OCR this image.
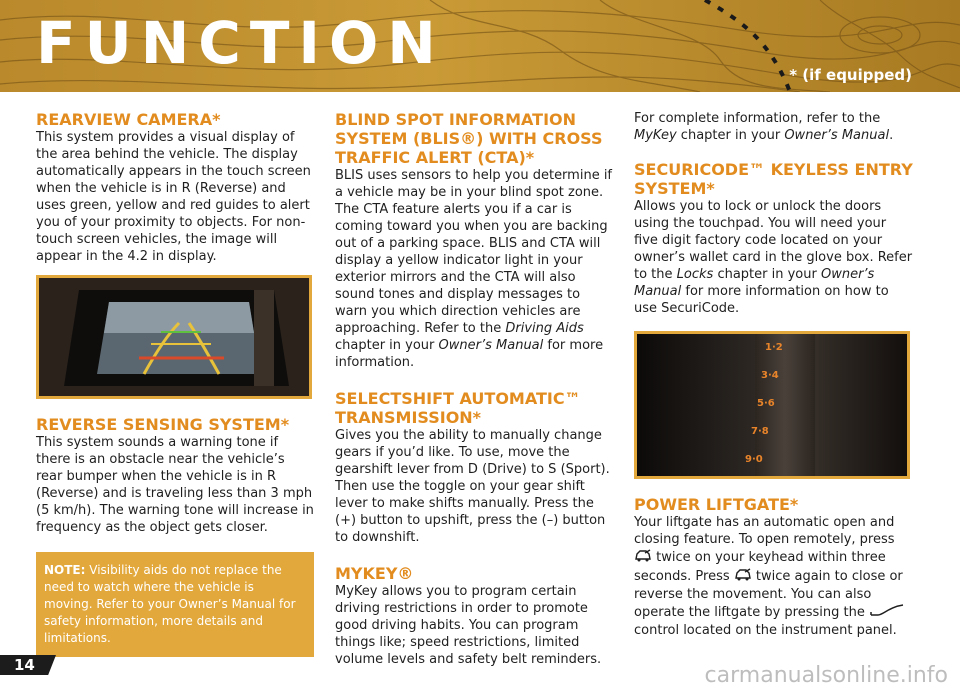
FUNCTION	* (if equipped)
REARVIEW CAMERA*

This system provides a visual display of the area behind the vehicle. The display automatically appears in the touch screen when the vehicle is in R (Reverse) and uses green, yellow and red guides to alert you of your proximity to objects. For non-touch screen vehicles, the image will appear in the 4.2 in display.

REVERSE SENSING SYSTEM*

This system sounds a warning tone if there is an obstacle near the vehicle’s rear bumper when the vehicle is in R (Reverse) and is traveling less than 3 mph (5 km/h). The warning tone will increase in frequency as the object gets closer.

NOTE: Visibility aids do not replace the need to watch where the vehicle is moving. Refer to your Owner’s Manual for safety information, more details and limitations.

BLIND SPOT INFORMATION SYSTEM (BLIS®) WITH CROSS TRAFFIC ALERT (CTA)*

BLIS uses sensors to help you determine if a vehicle may be in your blind spot zone. The CTA feature alerts you if a car is coming toward you when you are backing out of a parking space. BLIS and CTA will display a yellow indicator light in your exterior mirrors and the CTA will also sound tones and display messages to warn you which direction vehicles are approaching. Refer to the Driving Aids chapter in your Owner’s Manual for more information.

SELECTSHIFT AUTOMATIC™ TRANSMISSION*

Gives you the ability to manually change gears if you’d like. To use, move the gearshift lever from D (Drive) to S (Sport). Then use the toggle on your gear shift lever to make shifts manually. Press the (+) button to upshift, press the (–) button to downshift.

MYKEY®

MyKey allows you to program certain driving restrictions in order to promote good driving habits. You can program things like; speed restrictions, limited volume levels and safety belt reminders.

For complete information, refer to the MyKey chapter in your Owner’s Manual.

SECURICODE™ KEYLESS ENTRY SYSTEM*

Allows you to lock or unlock the doors using the touchpad. You will need your five digit factory code located on your owner’s wallet card in the glove box. Refer to the Locks chapter in your Owner’s Manual for more information on how to use SecuriCode.

1·2
3·4
5·6
7·8
9·0
POWER LIFTGATE*

Your liftgate has an automatic open and closing feature. To open remotely, press  twice on your keyhead within three seconds. Press  twice again to close or reverse the movement. You can also operate the liftgate by pressing the  control located on the instrument panel.

14	carmanualsonline.info
